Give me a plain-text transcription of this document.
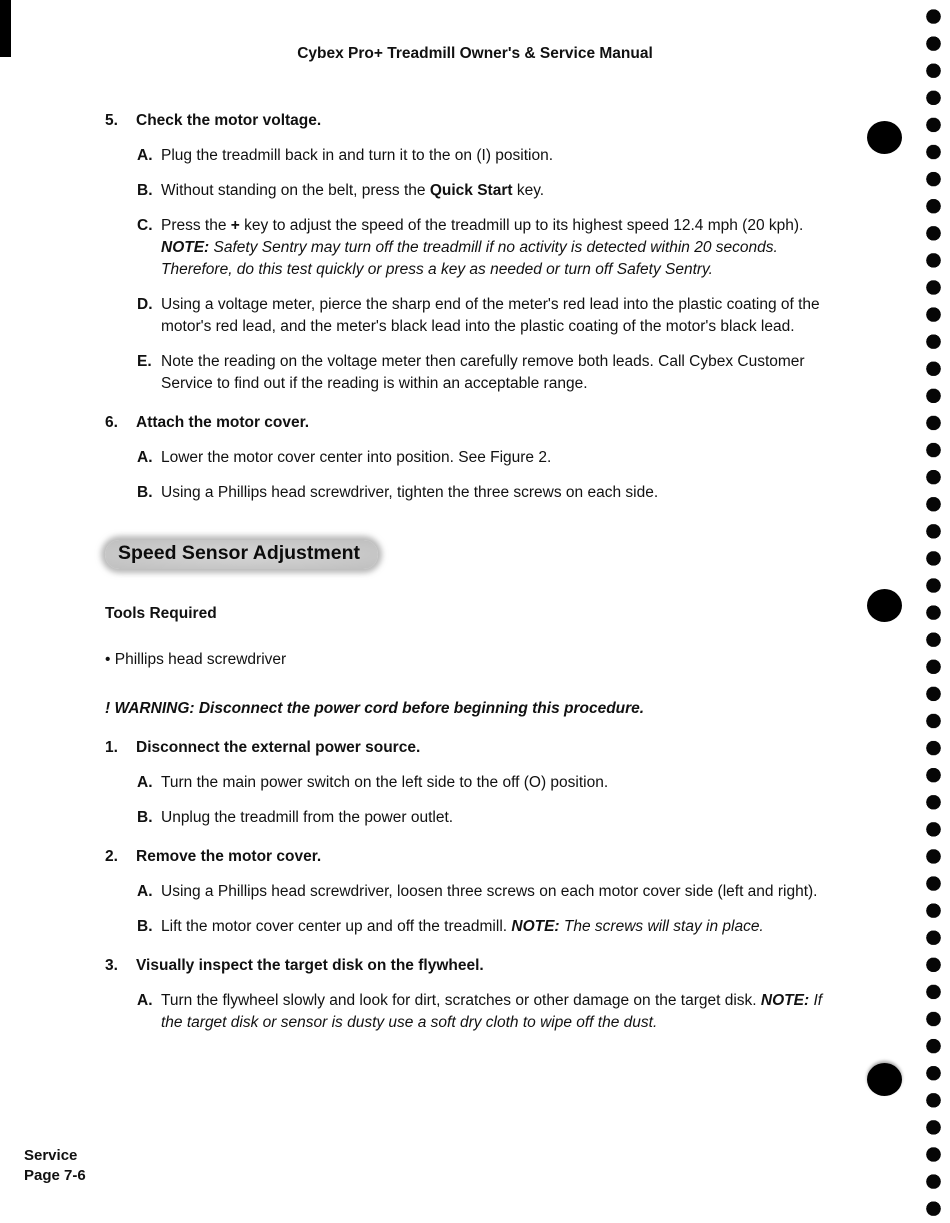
Cybex Pro+ Treadmill Owner's & Service Manual
5.	Check the motor voltage.
A. Plug the treadmill back in and turn it to the on (I) position.
B. Without standing on the belt, press the Quick Start key.
C. Press the + key to adjust the speed of the treadmill up to its highest speed 12.4 mph (20 kph). NOTE: Safety Sentry may turn off the treadmill if no activity is detected within 20 seconds. Therefore, do this test quickly or press a key as needed or turn off Safety Sentry.
D. Using a voltage meter, pierce the sharp end of the meter's red lead into the plastic coating of the motor's red lead, and the meter's black lead into the plastic coating of the motor's black lead.
E. Note the reading on the voltage meter then carefully remove both leads. Call Cybex Customer Service to find out if the reading is within an acceptable range.
6.	Attach the motor cover.
A. Lower the motor cover center into position. See Figure 2.
B. Using a Phillips head screwdriver, tighten the three screws on each side.
Speed Sensor Adjustment
Tools Required
• Phillips head screwdriver
! WARNING: Disconnect the power cord before beginning this procedure.
1.	Disconnect the external power source.
A. Turn the main power switch on the left side to the off (O) position.
B. Unplug the treadmill from the power outlet.
2.	Remove the motor cover.
A. Using a Phillips head screwdriver, loosen three screws on each motor cover side (left and right).
B. Lift the motor cover center up and off the treadmill. NOTE: The screws will stay in place.
3.	Visually inspect the target disk on the flywheel.
A. Turn the flywheel slowly and look for dirt, scratches or other damage on the target disk. NOTE: If the target disk or sensor is dusty use a soft dry cloth to wipe off the dust.
Service
Page 7-6
